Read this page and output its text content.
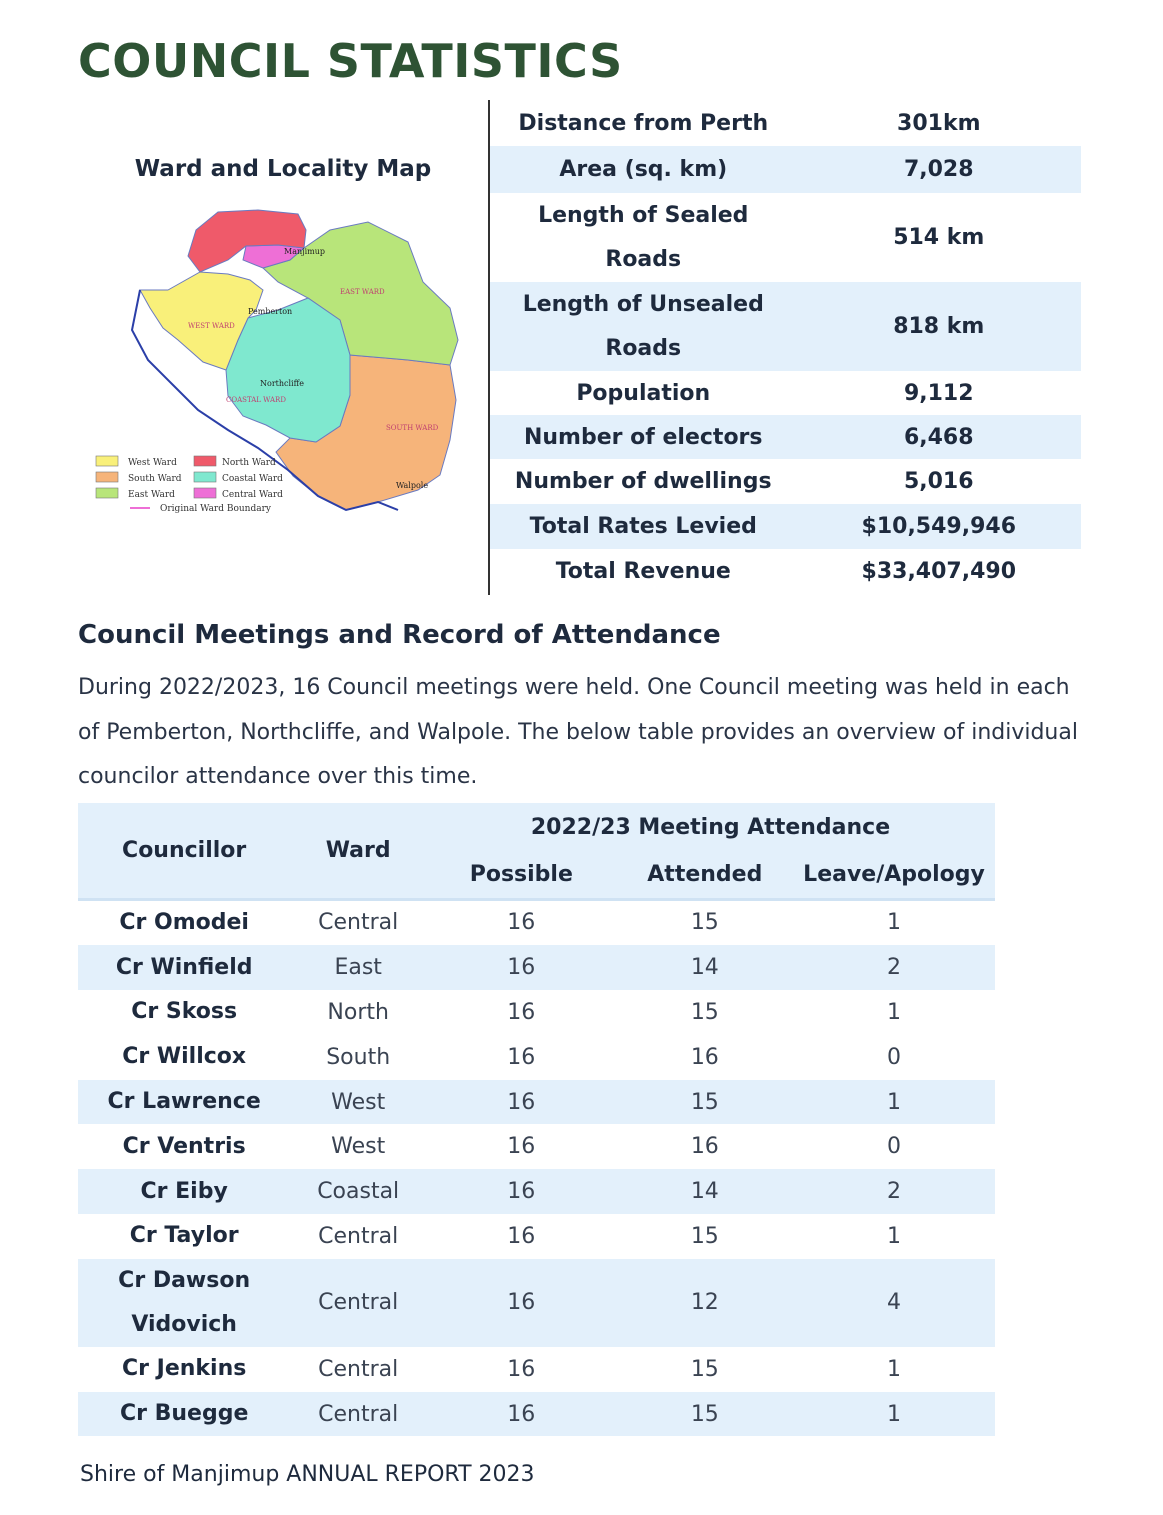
COUNCIL STATISTICS
Ward and Locality Map
West Ward	North Ward
South Ward	Coastal Ward
East Ward	Central Ward
Original Ward Boundary
Distance from Perth	301km
Area (sq. km)	7,028
Length of Sealed Roads	514 km
Length of Unsealed Roads	818 km
Population	9,112
Number of electors	6,468
Number of dwellings	5,016
Total Rates Levied	$10,549,946
Total Revenue	$33,407,490
Council Meetings and Record of Attendance

During 2022/2023, 16 Council meetings were held. One Council meeting was held in each of Pemberton, Northcliffe, and Walpole. The below table provides an overview of individual councilor attendance over this time.

Councillor	Ward	2022/23 Meeting Attendance		
		Possible	Attended	Leave/Apology
Cr Omodei	Central	16	15	1
Cr Winfield	East	16	14	2
Cr Skoss	North	16	15	1
Cr Willcox	South	16	16	0
Cr Lawrence	West	16	15	1
Cr Ventris	West	16	16	0
Cr Eiby	Coastal	16	14	2
Cr Taylor	Central	16	15	1
Cr Dawson Vidovich	Central	16	12	4
Cr Jenkins	Central	16	15	1
Cr Buegge	Central	16	15	1

Shire of Manjimup ANNUAL REPORT 2023

Manjimup
Pemberton
Northcliffe
Walpole
WEST WARD
EAST WARD
COASTAL WARD
SOUTH WARD
